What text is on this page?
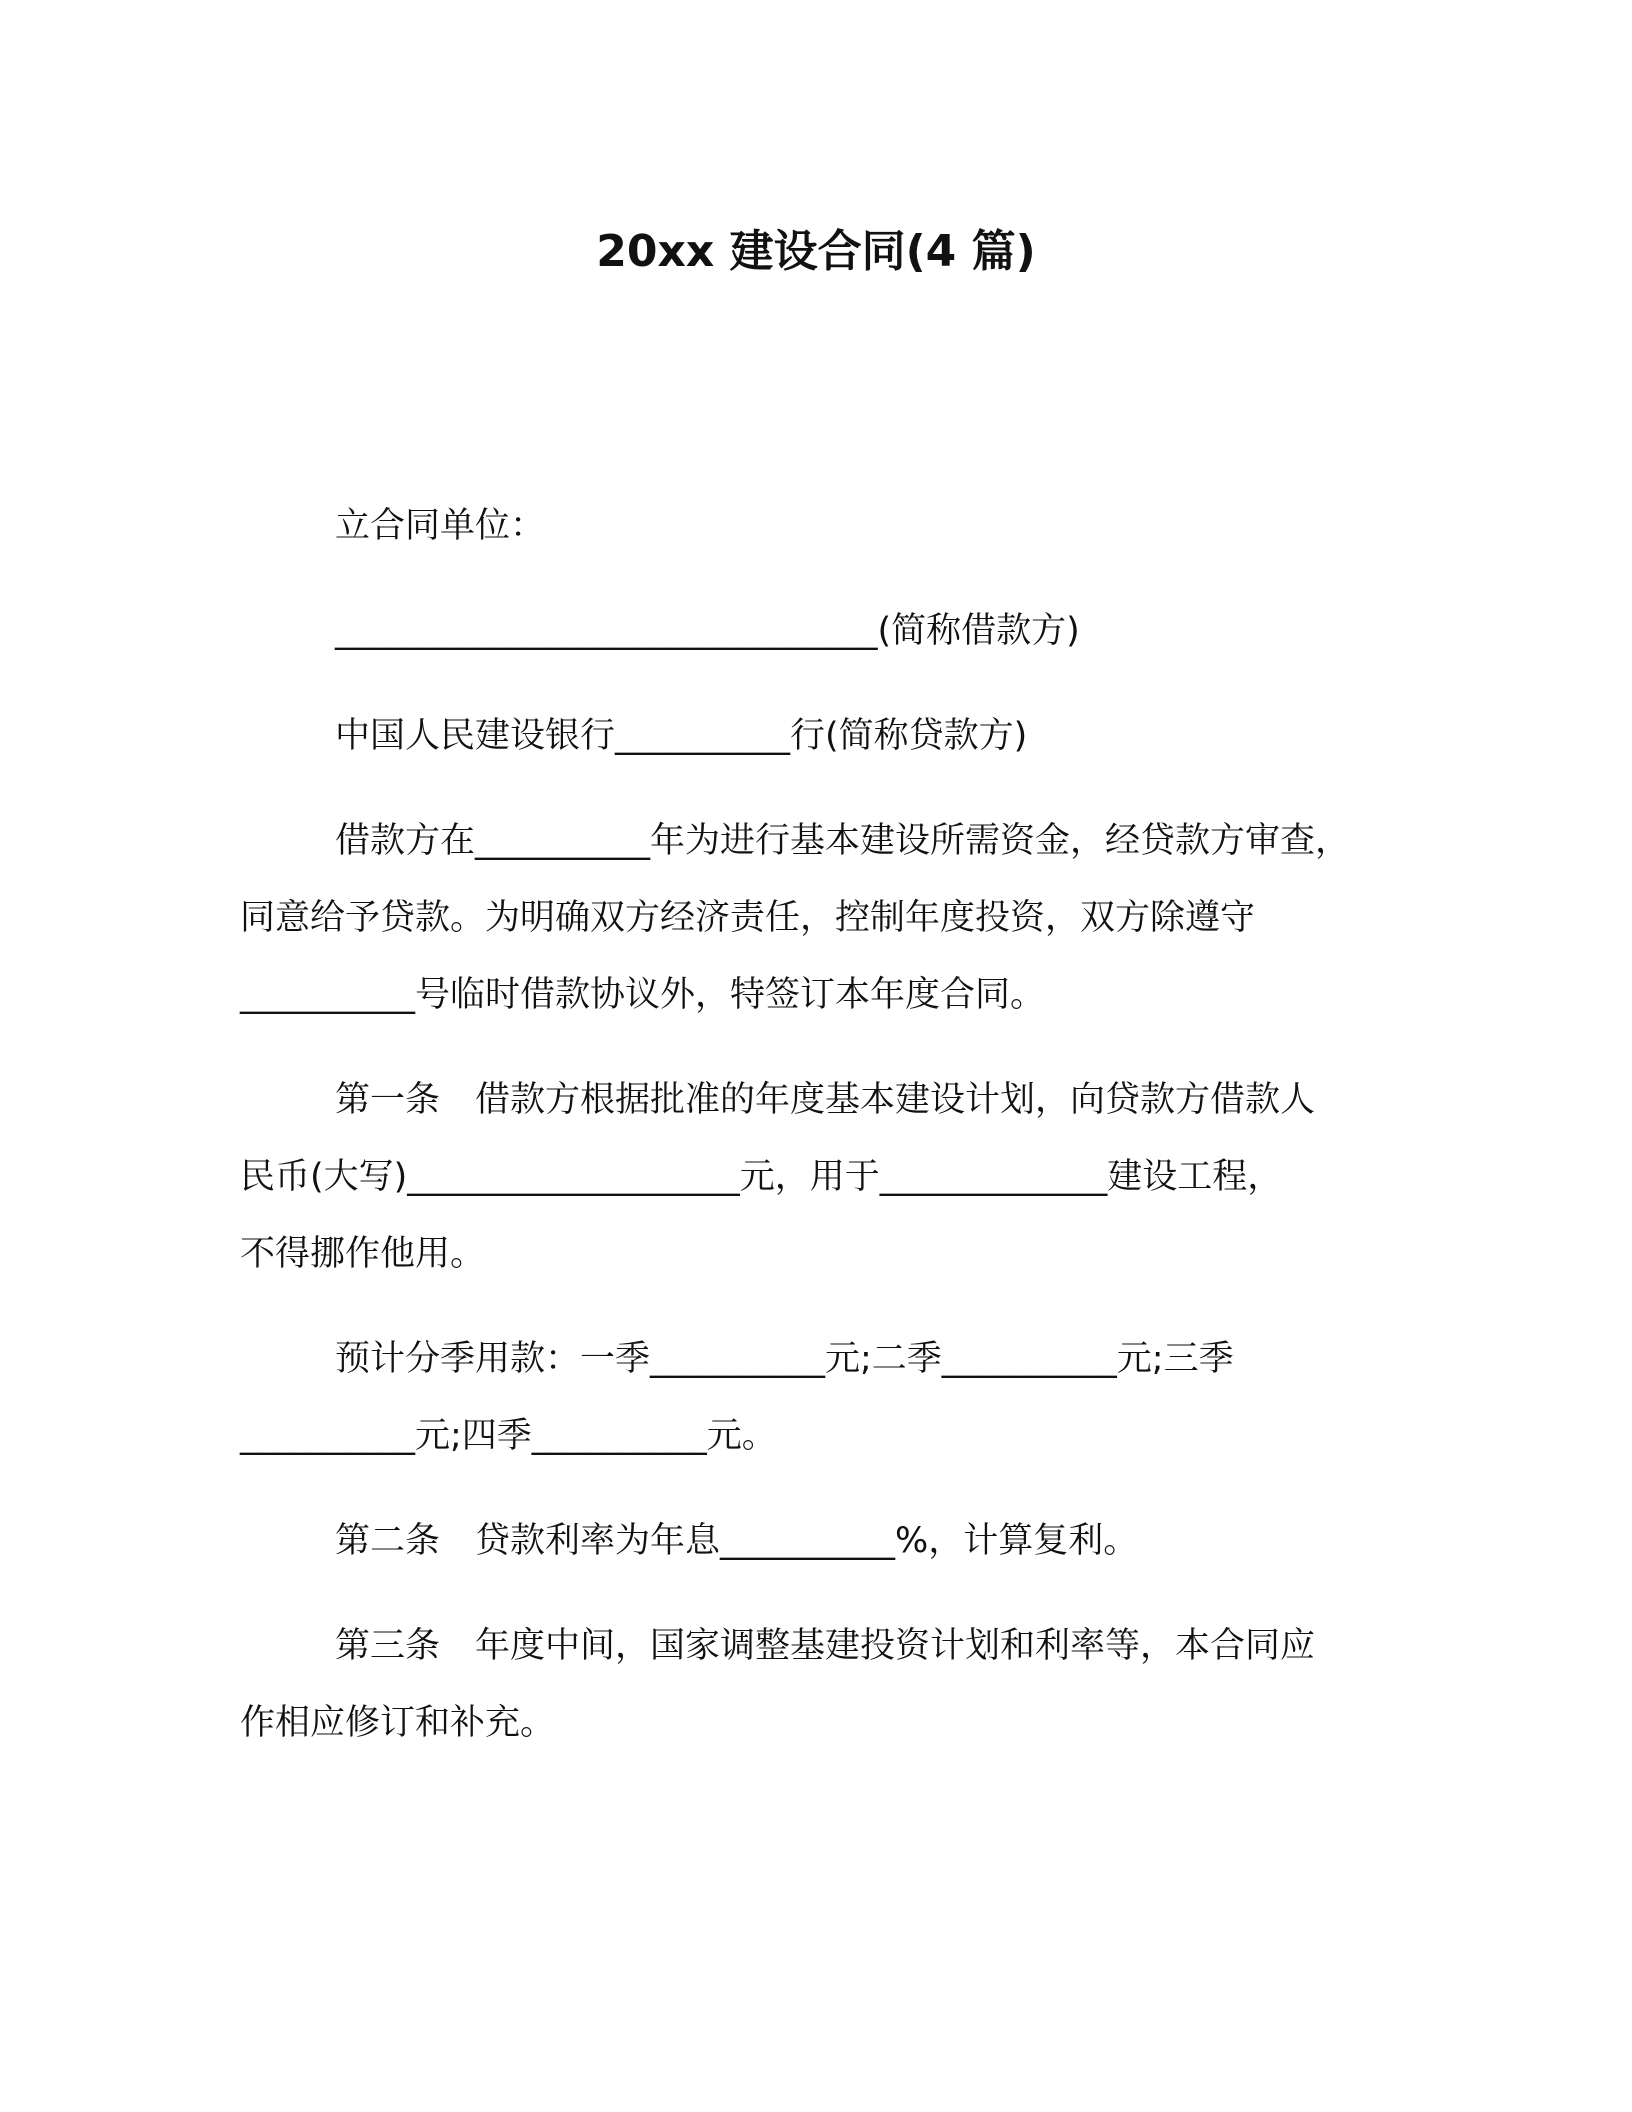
20xx 建设合同(4 篇)
立合同单位：
_______________________________(简称借款方)
中国人民建设银行__________行(简称贷款方)
借款方在__________年为进行基本建设所需资金，经贷款方审查，
同意给予贷款。为明确双方经济责任，控制年度投资，双方除遵守
__________号临时借款协议外，特签订本年度合同。
第一条　借款方根据批准的年度基本建设计划，向贷款方借款人
民币(大写)___________________元，用于_____________建设工程，
不得挪作他用。
预计分季用款：一季__________元;二季__________元;三季
__________元;四季__________元。
第二条　贷款利率为年息__________%，计算复利。
第三条　年度中间，国家调整基建投资计划和利率等，本合同应
作相应修订和补充。
